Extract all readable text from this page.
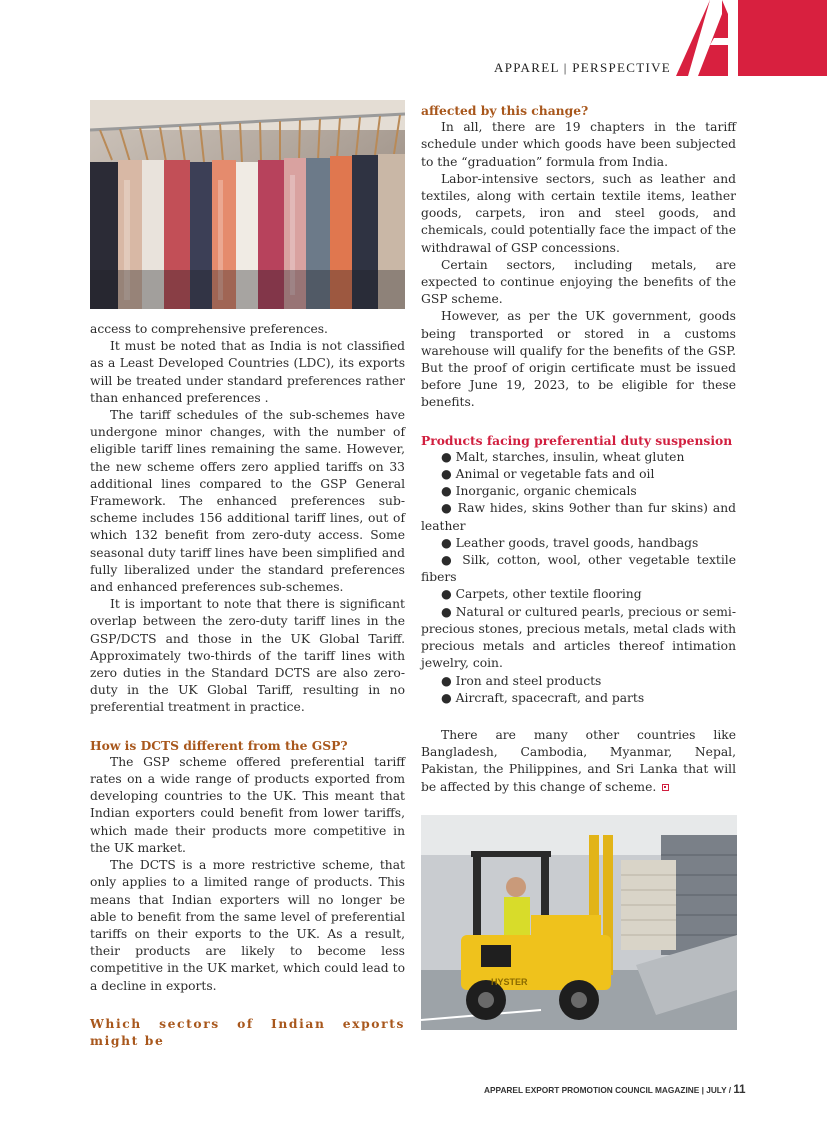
APPAREL | PERSPECTIVE

access to comprehensive preferences.

It must be noted that as India is not classified as a Least Developed Countries (LDC), its exports will be treated under standard preferences rather than enhanced preferences .

The tariff schedules of the sub-schemes have undergone minor changes, with the number of eligible tariff lines remaining the same. However, the new scheme offers zero applied tariffs on 33 additional lines compared to the GSP General Framework. The enhanced preferences sub-scheme includes 156 additional tariff lines, out of which 132 benefit from zero-duty access. Some seasonal duty tariff lines have been simplified and fully liberalized under the standard preferences and enhanced preferences sub-schemes.

It is important to note that there is significant overlap between the zero-duty tariff lines in the GSP/DCTS and those in the UK Global Tariff. Approximately two-thirds of the tariff lines with zero duties in the Standard DCTS are also zero-duty in the UK Global Tariff, resulting in no preferential treatment in practice.

How is DCTS different from the GSP?

The GSP scheme offered preferential tariff rates on a wide range of products exported from developing countries to the UK. This meant that Indian exporters could benefit from lower tariffs, which made their products more competitive in the UK market.

The DCTS is a more restrictive scheme, that only applies to a limited range of products. This means that Indian exporters will no longer be able to benefit from the same level of preferential tariffs on their exports to the UK. As a result, their products are likely to become less competitive in the UK market, which could lead to a decline in exports.

Which sectors of Indian exports might be

affected by this change?

In all, there are 19 chapters in the tariff schedule under which goods have been subjected to the “graduation” formula from India.

Labor-intensive sectors, such as leather and textiles, along with certain textile items, leather goods, carpets, iron and steel goods, and chemicals, could potentially face the impact of the withdrawal of GSP concessions.

Certain sectors, including metals, are expected to continue enjoying the benefits of the GSP scheme.

However, as per the UK government, goods being transported or stored in a customs warehouse will qualify for the benefits of the GSP. But the proof of origin certificate must be issued before June 19, 2023, to be eligible for these benefits.

Products facing preferential duty suspension

● Malt, starches, insulin, wheat gluten
● Animal or vegetable fats and oil
● Inorganic, organic chemicals
● Raw hides, skins 9other than fur skins) and leather
● Leather goods, travel goods, handbags
● Silk, cotton, wool, other vegetable textile fibers
● Carpets, other textile flooring
● Natural or cultured pearls, precious or semi-precious stones, precious metals, metal clads with precious metals and articles thereof intimation jewelry, coin.
● Iron and steel products
● Aircraft, spacecraft, and parts

There are many other countries like Bangladesh, Cambodia, Myanmar, Nepal, Pakistan, the Philippines, and Sri Lanka that will be affected by this change of scheme.

HYSTER
APPAREL EXPORT PROMOTION COUNCIL MAGAZINE | JULY / 11
